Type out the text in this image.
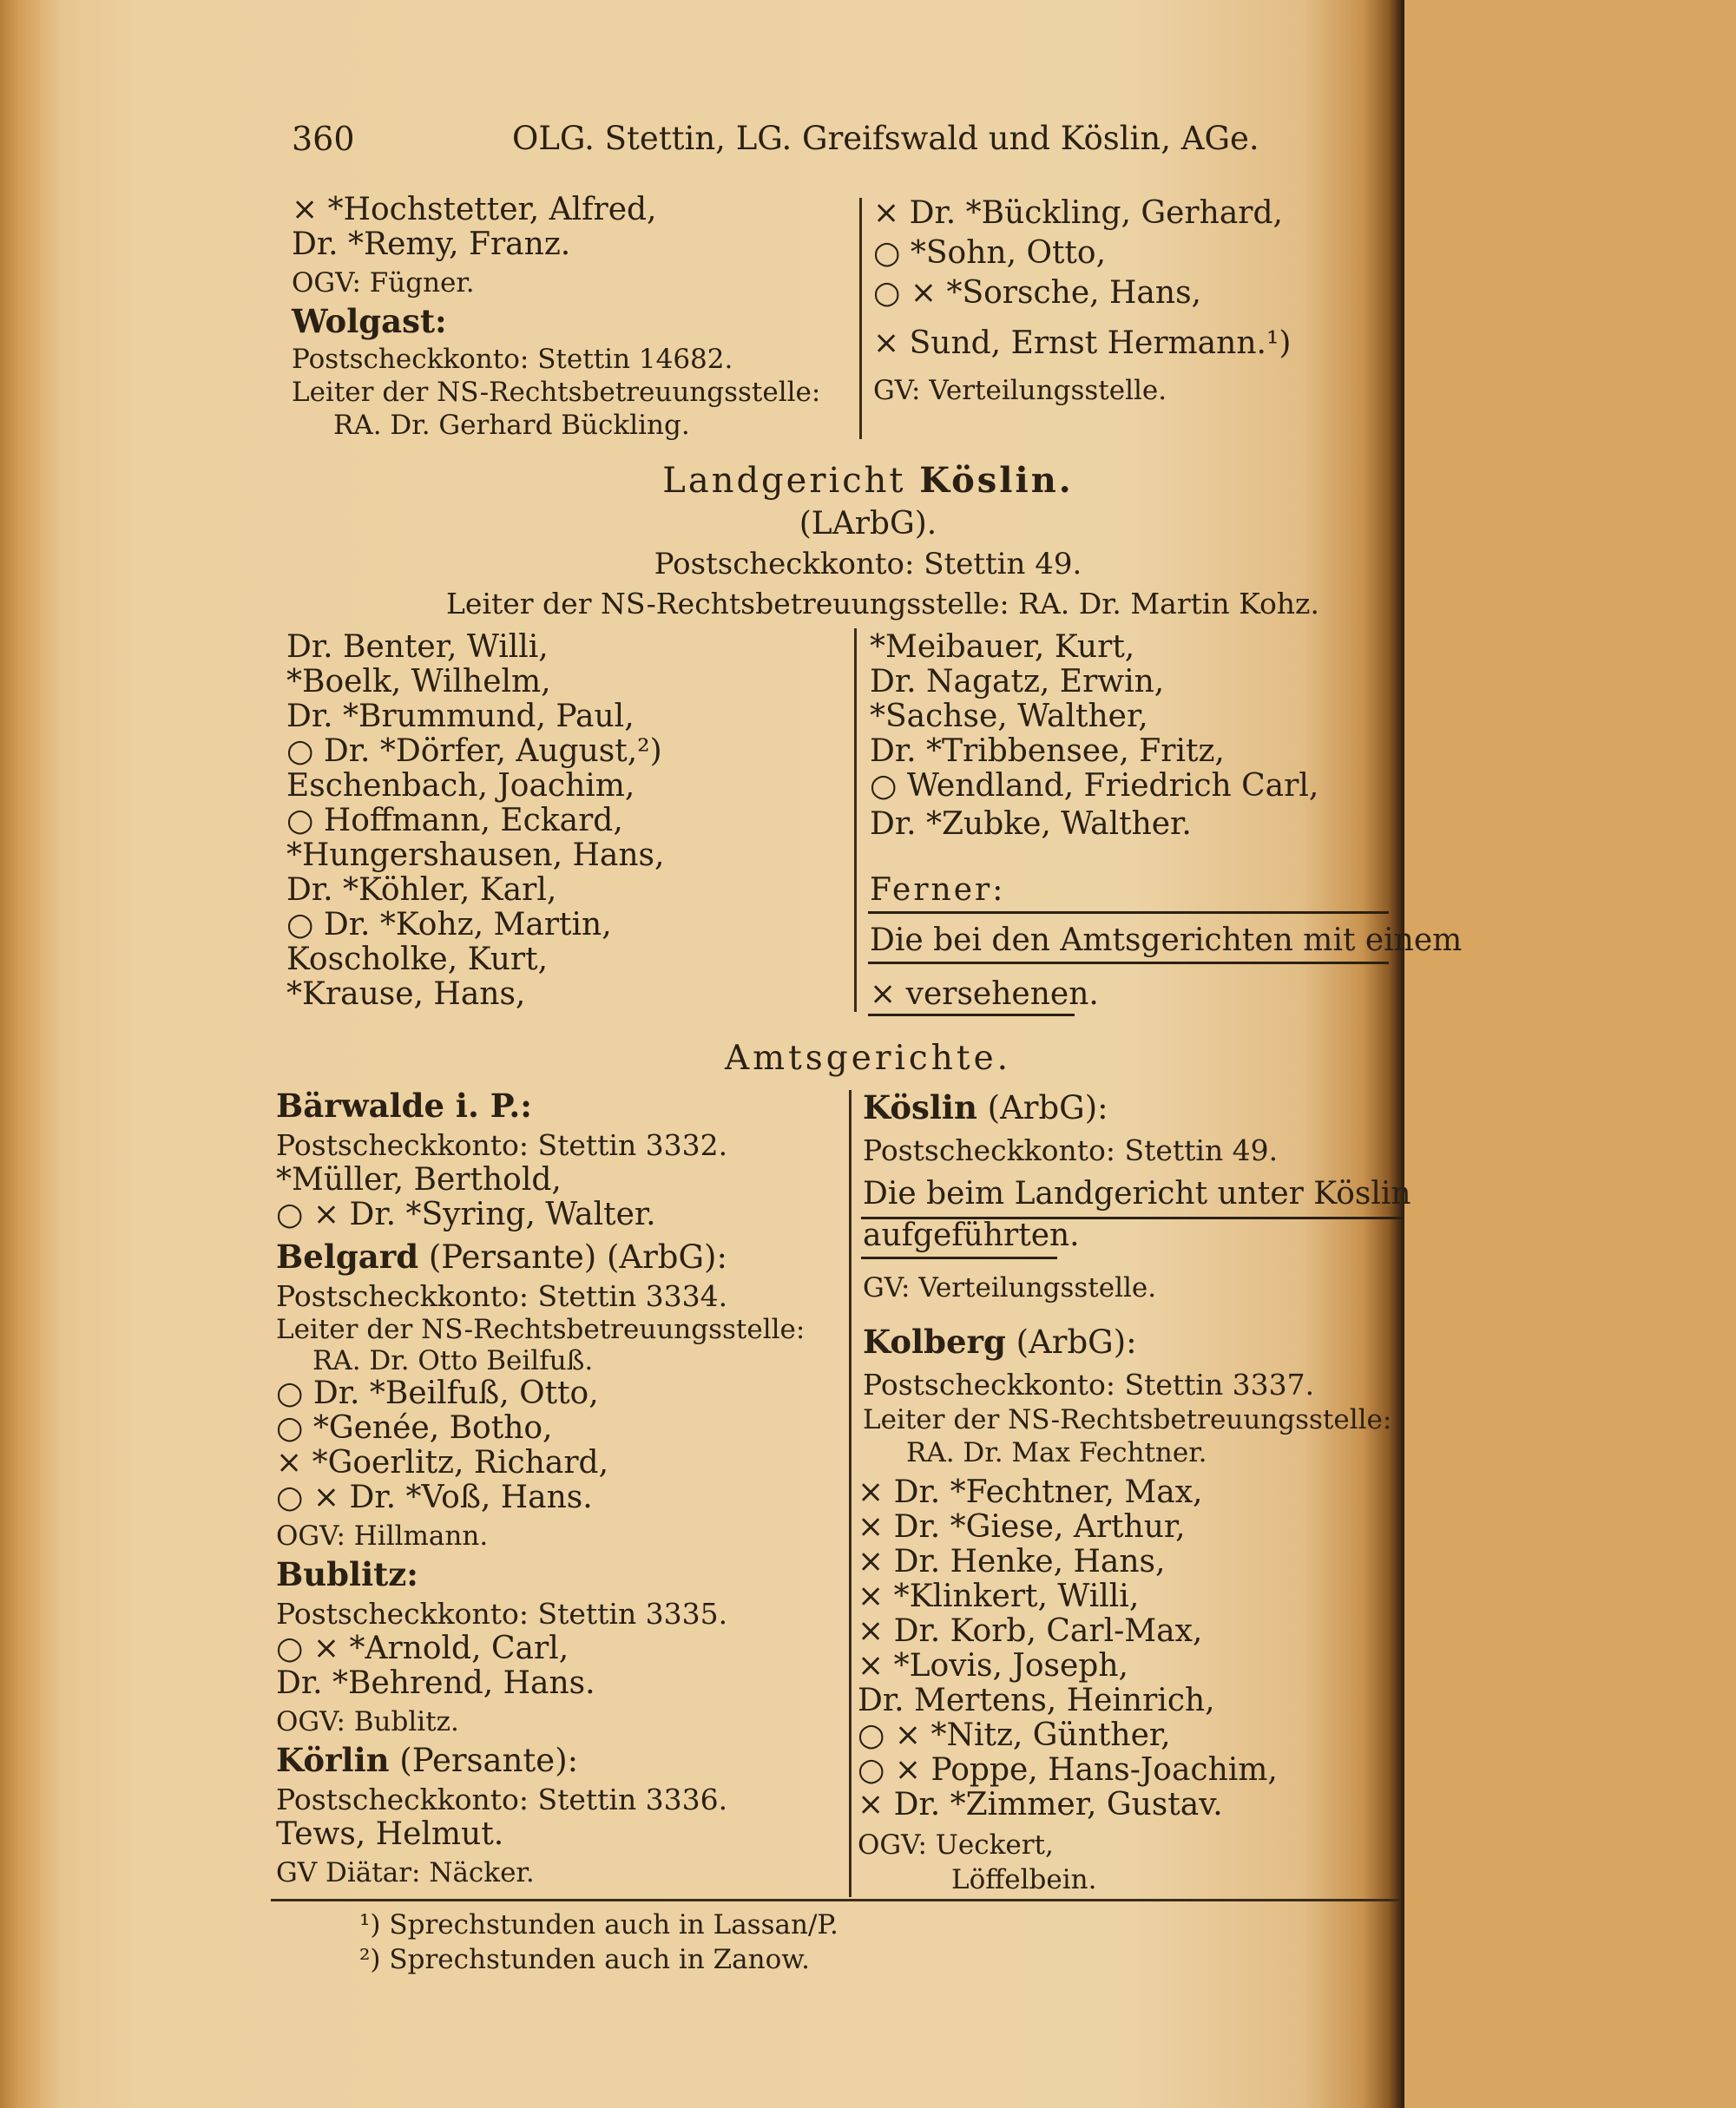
360	OLG. Stettin, LG. Greifswald und Köslin, AGe.
× *Hochstetter, Alfred,
Dr. *Remy, Franz.
OGV: Fügner.
Wolgast:
Postscheckkonto: Stettin 14682.
Leiter der NS-Rechtsbetreuungsstelle:
RA. Dr. Gerhard Bückling.
× Dr. *Bückling, Gerhard,
○ *Sohn, Otto,
○ × *Sorsche, Hans,
× Sund, Ernst Hermann.¹)
GV: Verteilungsstelle.
Landgericht Köslin.
(LArbG).
Postscheckkonto: Stettin 49.
Leiter der NS-Rechtsbetreuungsstelle: RA. Dr. Martin Kohz.
Dr. Benter, Willi,
*Boelk, Wilhelm,
Dr. *Brummund, Paul,
○ Dr. *Dörfer, August,²)
Eschenbach, Joachim,
○ Hoffmann, Eckard,
*Hungershausen, Hans,
Dr. *Köhler, Karl,
○ Dr. *Kohz, Martin,
Koscholke, Kurt,
*Krause, Hans,
*Meibauer, Kurt,
Dr. Nagatz, Erwin,
*Sachse, Walther,
Dr. *Tribbensee, Fritz,
○ Wendland, Friedrich Carl,
Dr. *Zubke, Walther.
Ferner:
Die bei den Amtsgerichten mit einem
× versehenen.
Amtsgerichte.
Bärwalde i. P.:
Postscheckkonto: Stettin 3332.
*Müller, Berthold,
○ × Dr. *Syring, Walter.
Belgard (Persante) (ArbG):
Postscheckkonto: Stettin 3334.
Leiter der NS-Rechtsbetreuungsstelle:
RA. Dr. Otto Beilfuß.
○ Dr. *Beilfuß, Otto,
○ *Genée, Botho,
× *Goerlitz, Richard,
○ × Dr. *Voß, Hans.
OGV: Hillmann.
Bublitz:
Postscheckkonto: Stettin 3335.
○ × *Arnold, Carl,
Dr. *Behrend, Hans.
OGV: Bublitz.
Körlin (Persante):
Postscheckkonto: Stettin 3336.
Tews, Helmut.
GV Diätar: Näcker.
Köslin (ArbG):
Postscheckkonto: Stettin 49.
Die beim Landgericht unter Köslin
aufgeführten.
GV: Verteilungsstelle.
Kolberg (ArbG):
Postscheckkonto: Stettin 3337.
Leiter der NS-Rechtsbetreuungsstelle:
RA. Dr. Max Fechtner.
× Dr. *Fechtner, Max,
× Dr. *Giese, Arthur,
× Dr. Henke, Hans,
× *Klinkert, Willi,
× Dr. Korb, Carl-Max,
× *Lovis, Joseph,
Dr. Mertens, Heinrich,
○ × *Nitz, Günther,
○ × Poppe, Hans-Joachim,
× Dr. *Zimmer, Gustav.
OGV: Ueckert,
Löffelbein.
¹) Sprechstunden auch in Lassan/P.
²) Sprechstunden auch in Zanow.
